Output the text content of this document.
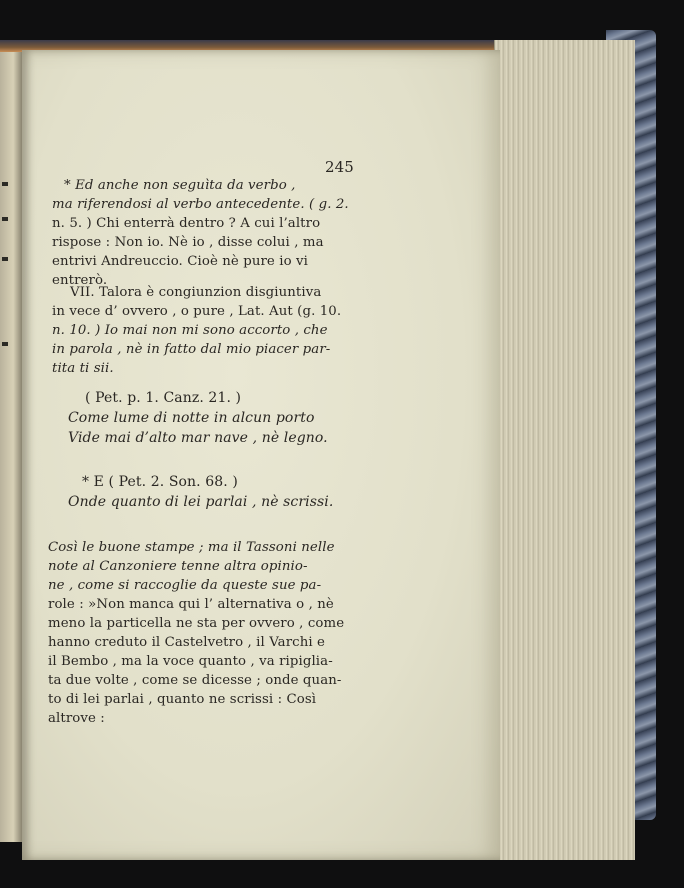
245
* Ed anche non seguìta da verbo ,
ma riferendosi al verbo antecedente. ( g. 2.
n. 5. ) Chi enterrà dentro ? A cui l’altro
rispose : Non io. Nè io , disse colui , ma
entrivi Andreuccio. Cioè nè pure io vi
entrerò.
VII. Talora è congiunzion disgiuntiva
in vece d’ ovvero , o pure , Lat. Aut (g. 10.
n. 10. ) Io mai non mi sono accorto , che
in parola , nè in fatto dal mio piacer par-
tita ti sii.
( Pet. p. 1. Canz. 21. )
Come lume di notte in alcun porto
Vide mai d’alto mar nave , nè legno.
* E ( Pet. 2. Son. 68. )
Onde quanto di lei parlai , nè scrissi.
Così le buone stampe ; ma il Tassoni nelle
note al Canzoniere tenne altra opinio-
ne , come si raccoglie da queste sue pa-
role : »Non manca qui l’ alternativa o , nè
meno la particella ne sta per ovvero , come
hanno creduto il Castelvetro , il Varchi e
il Bembo , ma la voce quanto , va ripiglia-
ta due volte , come se dicesse ; onde quan-
to di lei parlai , quanto ne scrissi : Così
altrove :
